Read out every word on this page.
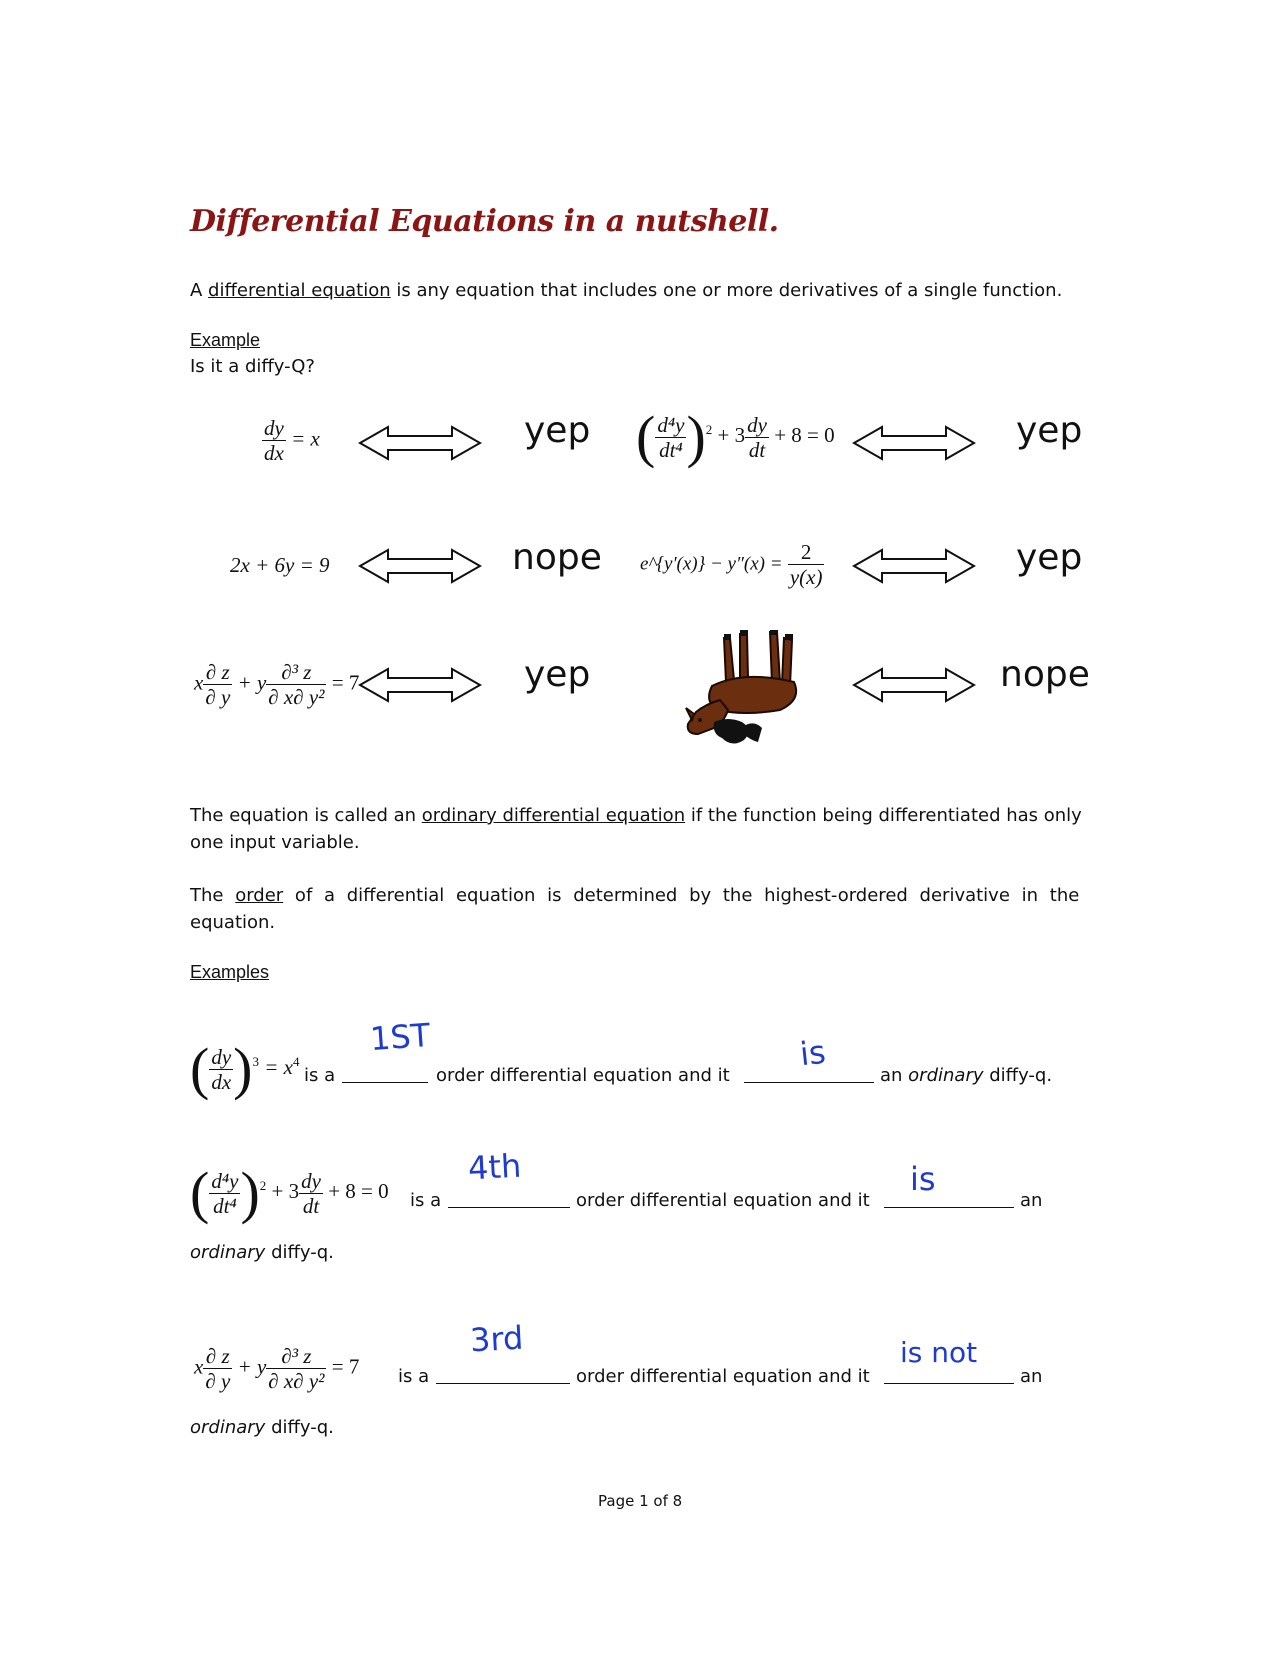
Differential Equations in a nutshell.
A differential equation is any equation that includes one or more derivatives of a single function.
Example
Is it a diffy-Q?
$\frac{dy}{dx} = x$	yep ( $\frac{\text{d⁴y}}{\text{dt⁴}} )^2 + 3 \frac{dy}{dt} + 8 = 0$	yep
2x + 6y = 9	nope e^{y'(x)} − $y''(x) = \frac{2}{y(x)}$	yep
x $\frac{\partial z}{\partial y} + y \frac{\text{∂³ z}}{\text{∂ x∂ y²}} = 7$	yep	nope
The equation is called an ordinary differential equation if the function being differentiated has only
one input variable.
The order of a differential equation is determined by the highest-ordered derivative in the
equation.
Examples
( $\frac{dy}{dx} )^3 = x^4$
is a
1ST
order differential equation and it
is
an ordinary diffy-q.
( $\frac{\text{d⁴y}}{\text{dt⁴}} )^2 + 3 \frac{dy}{dt} + 8 = 0$ is a
4th
order differential equation and it
is
an
ordinary diffy-q.
x $\frac{\partial z}{\partial y} + y \frac{\text{∂³ z}}{\text{∂ x∂ y²}} = 7$ is a
3rd
order differential equation and it
is not
an
ordinary diffy-q.
Page 1 of 8
